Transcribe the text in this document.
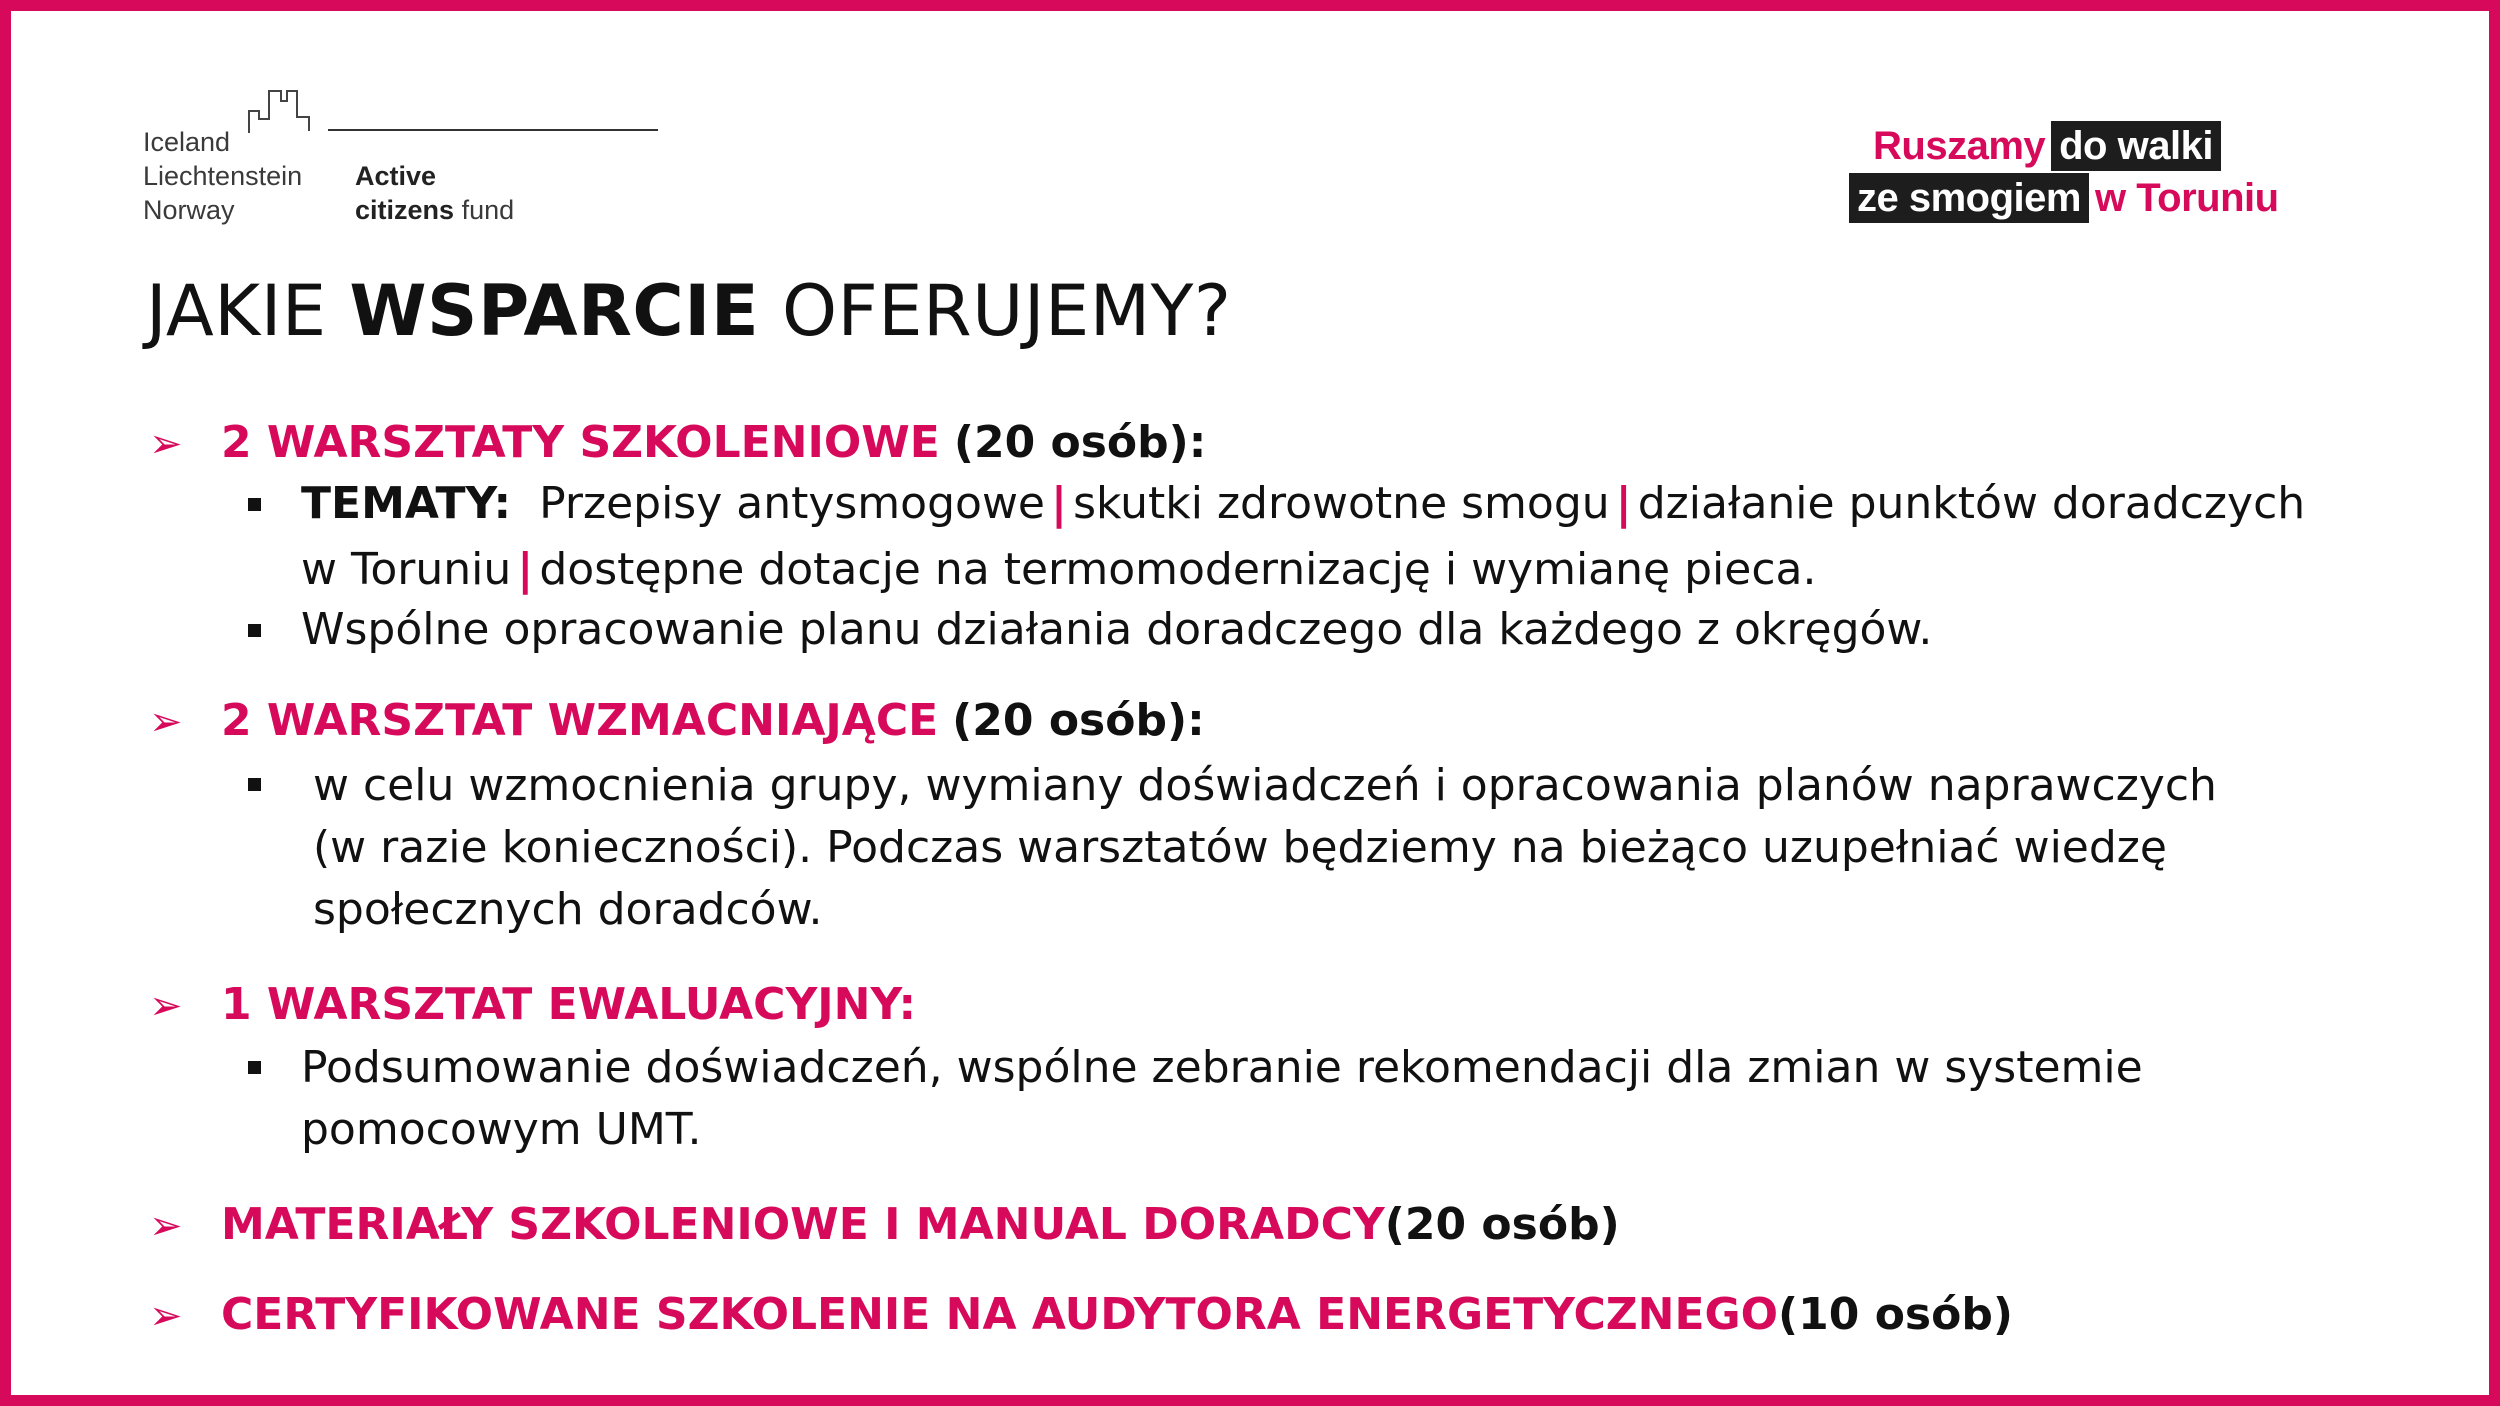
Iceland
Liechtenstein
Norway
Active
citizens fund
Ruszamy do walki
ze smogiem w Toruniu
JAKIE WSPARCIE OFERUJEMY?
➢ 2 WARSZTATY SZKOLENIOWE (20 osób):
TEMATY: Przepisy antysmogowe | skutki zdrowotne smogu | działanie punktów doradczych
w Toruniu | dostępne dotacje na termomodernizację i wymianę pieca.
Wspólne opracowanie planu działania doradczego dla każdego z okręgów.
➢ 2 WARSZTAT WZMACNIAJĄCE (20 osób):
w celu wzmocnienia grupy, wymiany doświadczeń i opracowania planów naprawczych
(w razie konieczności). Podczas warsztatów będziemy na bieżąco uzupełniać wiedzę
społecznych doradców.
➢ 1 WARSZTAT EWALUACYJNY:
Podsumowanie doświadczeń, wspólne zebranie rekomendacji dla zmian w systemie
pomocowym UMT.
➢ MATERIAŁY SZKOLENIOWE I MANUAL DORADCY(20 osób)
➢ CERTYFIKOWANE SZKOLENIE NA AUDYTORA ENERGETYCZNEGO(10 osób)
